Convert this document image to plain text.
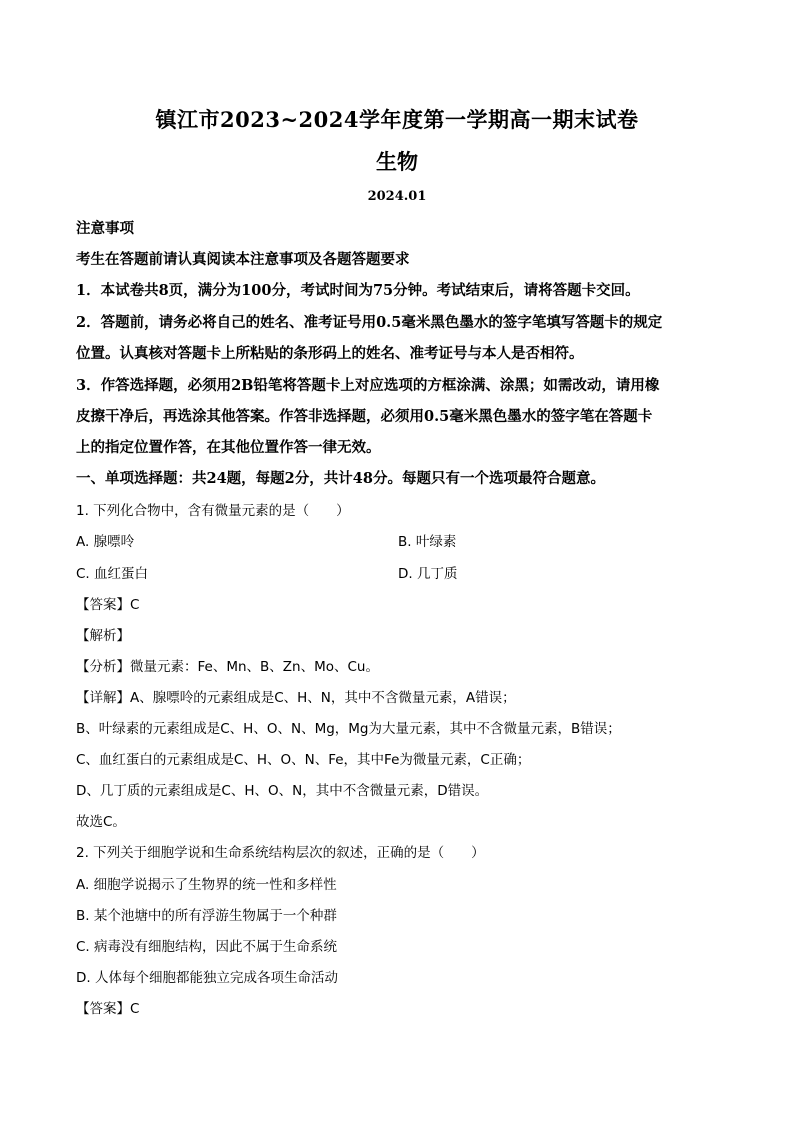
镇江市2023~2024学年度第一学期高一期末试卷
生物
2024.01
注意事项
考生在答题前请认真阅读本注意事项及各题答题要求
1．本试卷共8页，满分为100分，考试时间为75分钟。考试结束后，请将答题卡交回。
2．答题前，请务必将自己的姓名、准考证号用0.5毫米黑色墨水的签字笔填写答题卡的规定
位置。认真核对答题卡上所粘贴的条形码上的姓名、准考证号与本人是否相符。
3．作答选择题，必须用2B铅笔将答题卡上对应选项的方框涂满、涂黑；如需改动，请用橡
皮擦干净后，再选涂其他答案。作答非选择题，必须用0.5毫米黑色墨水的签字笔在答题卡
上的指定位置作答，在其他位置作答一律无效。
一、单项选择题：共24题，每题2分，共计48分。每题只有一个选项最符合题意。
1. 下列化合物中，含有微量元素的是（　　）
A. 腺嘌呤	B. 叶绿素
C. 血红蛋白	D. 几丁质
【答案】C
【解析】
【分析】微量元素：Fe、Mn、B、Zn、Mo、Cu。
【详解】A、腺嘌呤的元素组成是C、H、N，其中不含微量元素，A错误；
B、叶绿素的元素组成是C、H、O、N、Mg，Mg为大量元素，其中不含微量元素，B错误；
C、血红蛋白的元素组成是C、H、O、N、Fe，其中Fe为微量元素，C正确；
D、几丁质的元素组成是C、H、O、N，其中不含微量元素，D错误。
故选C。
2. 下列关于细胞学说和生命系统结构层次的叙述，正确的是（　　）
A. 细胞学说揭示了生物界的统一性和多样性
B. 某个池塘中的所有浮游生物属于一个种群
C. 病毒没有细胞结构，因此不属于生命系统
D. 人体每个细胞都能独立完成各项生命活动
【答案】C
